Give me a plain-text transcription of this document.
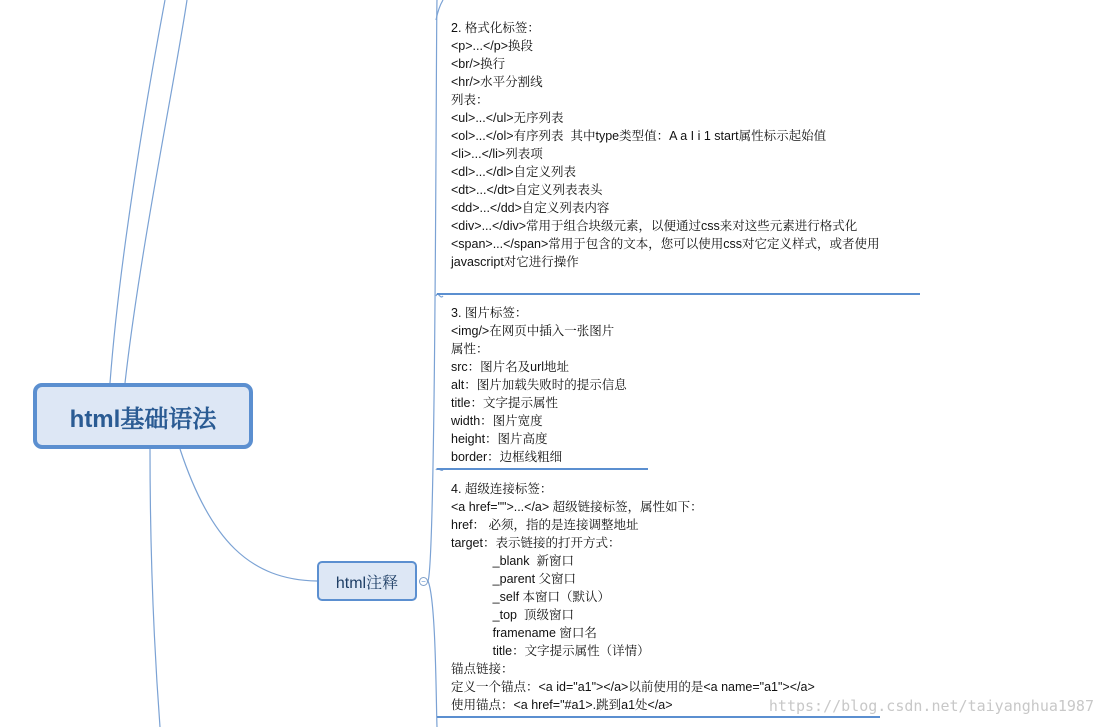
html基础语法
html注释	−
2. 格式化标签：
<p>...</p>换段
<br/>换行
<hr/>水平分割线
列表：
<ul>...</ul>无序列表
<ol>...</ol>有序列表  其中type类型值：A a I i 1 start属性标示起始值
<li>...</li>列表项
<dl>...</dl>自定义列表
<dt>...</dt>自定义列表表头
<dd>...</dd>自定义列表内容
<div>...</div>常用于组合块级元素，以便通过css来对这些元素进行格式化
<span>...</span>常用于包含的文本，您可以使用css对它定义样式，或者使用
javascript对它进行操作
3. 图片标签：
<img/>在网页中插入一张图片
属性：
src：图片名及url地址
alt：图片加载失败时的提示信息
title：文字提示属性
width：图片宽度
height：图片高度
border：边框线粗细
4. 超级连接标签：
<a href="">...</a> 超级链接标签，属性如下：
href： 必须，指的是连接调整地址
target：表示链接的打开方式：
_blank  新窗口
_parent 父窗口
_self 本窗口（默认）
_top  顶级窗口
framename 窗口名
title：文字提示属性（详情）
锚点链接：
定义一个锚点：<a id="a1"></a>以前使用的是<a name="a1"></a>
使用锚点：<a href="#a1>.跳到a1处</a>	https://blog.csdn.net/taiyanghua1987
